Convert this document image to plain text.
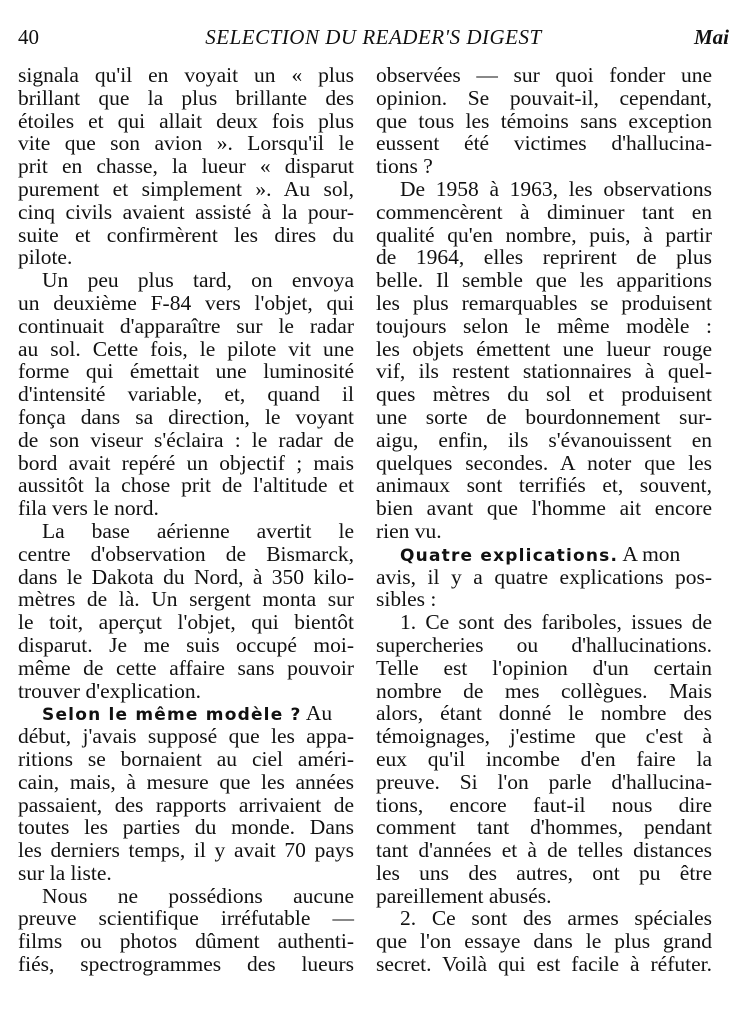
40	SELECTION DU READER'S DIGEST	Mai
signala qu'il en voyait un « plus
brillant que la plus brillante des
étoiles et qui allait deux fois plus
vite que son avion ». Lorsqu'il le
prit en chasse, la lueur « disparut
purement et simplement ». Au sol,
cinq civils avaient assisté à la pour-
suite et confirmèrent les dires du
pilote.
Un peu plus tard, on envoya
un deuxième F-84 vers l'objet, qui
continuait d'apparaître sur le radar
au sol. Cette fois, le pilote vit une
forme qui émettait une luminosité
d'intensité variable, et, quand il
fonça dans sa direction, le voyant
de son viseur s'éclaira : le radar de
bord avait repéré un objectif ; mais
aussitôt la chose prit de l'altitude et
fila vers le nord.
La base aérienne avertit le
centre d'observation de Bismarck,
dans le Dakota du Nord, à 350 kilo-
mètres de là. Un sergent monta sur
le toit, aperçut l'objet, qui bientôt
disparut. Je me suis occupé moi-
même de cette affaire sans pouvoir
trouver d'explication.
Selon le même modèle ? Au
début, j'avais supposé que les appa-
ritions se bornaient au ciel améri-
cain, mais, à mesure que les années
passaient, des rapports arrivaient de
toutes les parties du monde. Dans
les derniers temps, il y avait 70 pays
sur la liste.
Nous ne possédions aucune
preuve scientifique irréfutable —
films ou photos dûment authenti-
fiés, spectrogrammes des lueurs
observées — sur quoi fonder une
opinion. Se pouvait-il, cependant,
que tous les témoins sans exception
eussent été victimes d'hallucina-
tions ?
De 1958 à 1963, les observations
commencèrent à diminuer tant en
qualité qu'en nombre, puis, à partir
de 1964, elles reprirent de plus
belle. Il semble que les apparitions
les plus remarquables se produisent
toujours selon le même modèle :
les objets émettent une lueur rouge
vif, ils restent stationnaires à quel-
ques mètres du sol et produisent
une sorte de bourdonnement sur-
aigu, enfin, ils s'évanouissent en
quelques secondes. A noter que les
animaux sont terrifiés et, souvent,
bien avant que l'homme ait encore
rien vu.
Quatre explications. A mon
avis, il y a quatre explications pos-
sibles :
1. Ce sont des fariboles, issues de
supercheries ou d'hallucinations.
Telle est l'opinion d'un certain
nombre de mes collègues. Mais
alors, étant donné le nombre des
témoignages, j'estime que c'est à
eux qu'il incombe d'en faire la
preuve. Si l'on parle d'hallucina-
tions, encore faut-il nous dire
comment tant d'hommes, pendant
tant d'années et à de telles distances
les uns des autres, ont pu être
pareillement abusés.
2. Ce sont des armes spéciales
que l'on essaye dans le plus grand
secret. Voilà qui est facile à réfuter.
